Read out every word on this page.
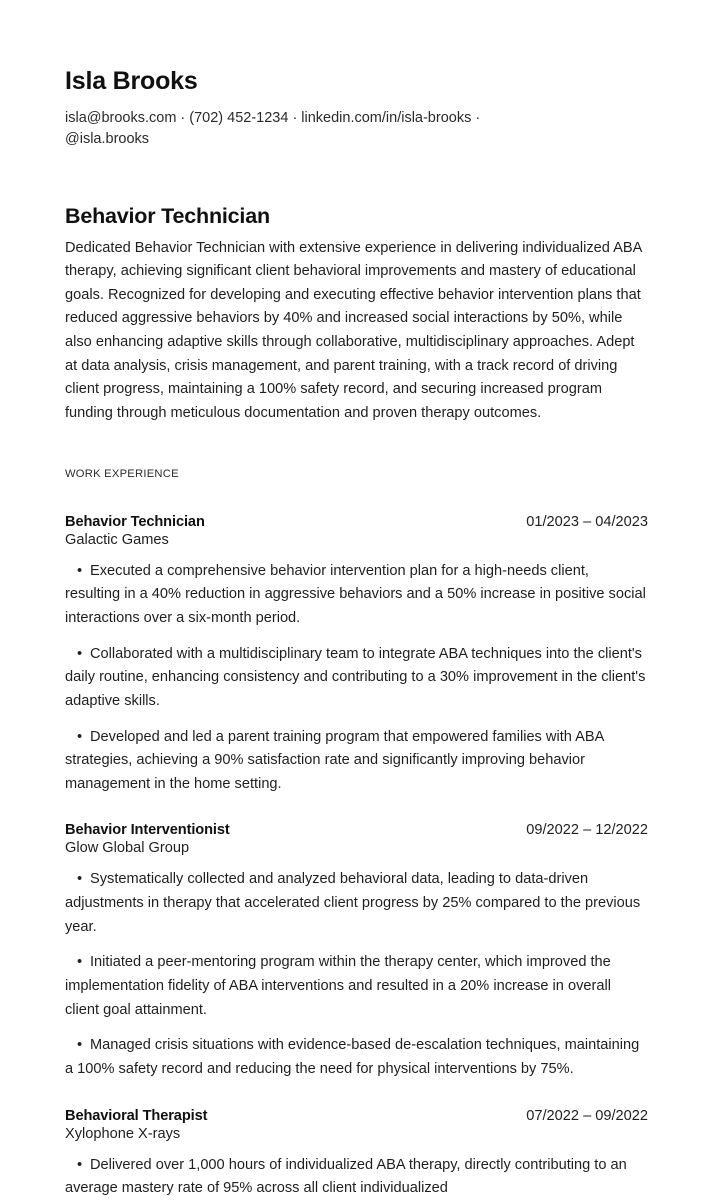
Isla Brooks
isla@brooks.com · (702) 452-1234 · linkedin.com/in/isla-brooks ·@isla.brooks
Behavior Technician
Dedicated Behavior Technician with extensive experience in delivering individualized ABA therapy, achieving significant client behavioral improvements and mastery of educational goals. Recognized for developing and executing effective behavior intervention plans that reduced aggressive behaviors by 40% and increased social interactions by 50%, while also enhancing adaptive skills through collaborative, multidisciplinary approaches. Adept at data analysis, crisis management, and parent training, with a track record of driving client progress, maintaining a 100% safety record, and securing increased program funding through meticulous documentation and proven therapy outcomes.
WORK EXPERIENCE
Behavior Technician	01/2023 – 04/2023
Galactic Games
• Executed a comprehensive behavior intervention plan for a high-needs client, resulting in a 40% reduction in aggressive behaviors and a 50% increase in positive social interactions over a six-month period.
• Collaborated with a multidisciplinary team to integrate ABA techniques into the client's daily routine, enhancing consistency and contributing to a 30% improvement in the client's adaptive skills.
• Developed and led a parent training program that empowered families with ABA strategies, achieving a 90% satisfaction rate and significantly improving behavior management in the home setting.
Behavior Interventionist	09/2022 – 12/2022
Glow Global Group
• Systematically collected and analyzed behavioral data, leading to data-driven adjustments in therapy that accelerated client progress by 25% compared to the previous year.
• Initiated a peer-mentoring program within the therapy center, which improved the implementation fidelity of ABA interventions and resulted in a 20% increase in overall client goal attainment.
• Managed crisis situations with evidence-based de-escalation techniques, maintaining a 100% safety record and reducing the need for physical interventions by 75%.
Behavioral Therapist	07/2022 – 09/2022
Xylophone X-rays
• Delivered over 1,000 hours of individualized ABA therapy, directly contributing to an average mastery rate of 95% across all client individualized
